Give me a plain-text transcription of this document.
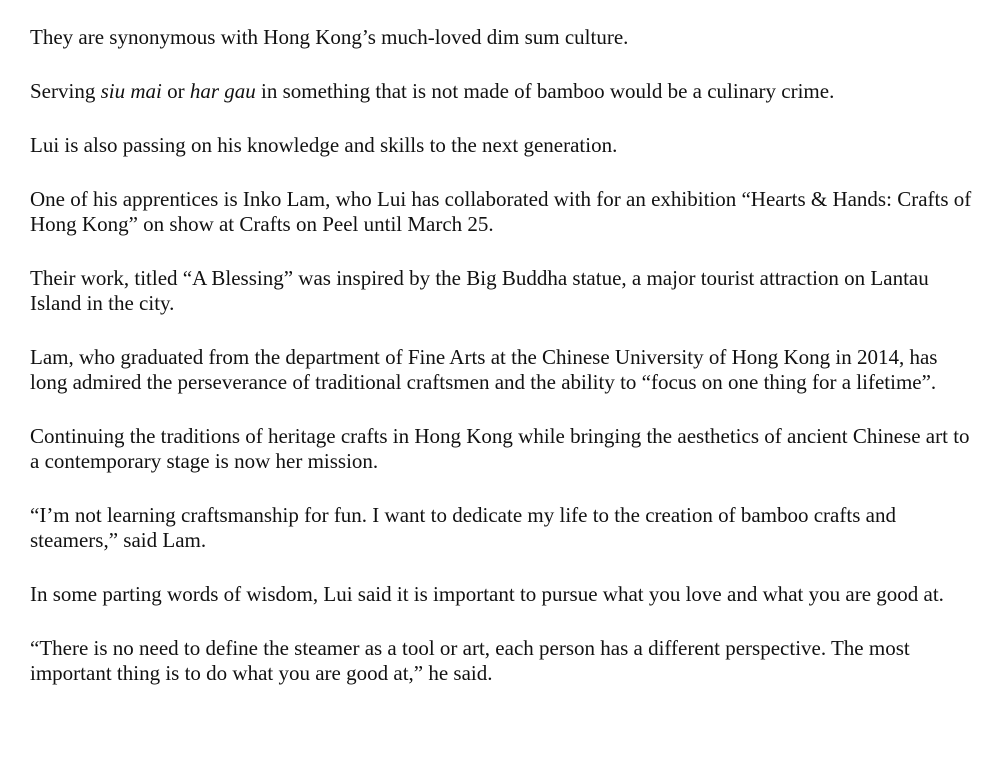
They are synonymous with Hong Kong’s much-loved dim sum culture.

Serving siu mai or har gau in something that is not made of bamboo would be a culinary crime.

Lui is also passing on his knowledge and skills to the next generation.

One of his apprentices is Inko Lam, who Lui has collaborated with for an exhibition “Hearts & Hands: Crafts of Hong Kong” on show at Crafts on Peel until March 25.

Their work, titled “A Blessing” was inspired by the Big Buddha statue, a major tourist attraction on Lantau Island in the city.

Lam, who graduated from the department of Fine Arts at the Chinese University of Hong Kong in 2014, has long admired the perseverance of traditional craftsmen and the ability to “focus on one thing for a lifetime”.

Continuing the traditions of heritage crafts in Hong Kong while bringing the aesthetics of ancient Chinese art to a contemporary stage is now her mission.

“I’m not learning craftsmanship for fun. I want to dedicate my life to the creation of bamboo crafts and steamers,” said Lam.

In some parting words of wisdom, Lui said it is important to pursue what you love and what you are good at.

“There is no need to define the steamer as a tool or art, each person has a different perspective. The most important thing is to do what you are good at,” he said.
